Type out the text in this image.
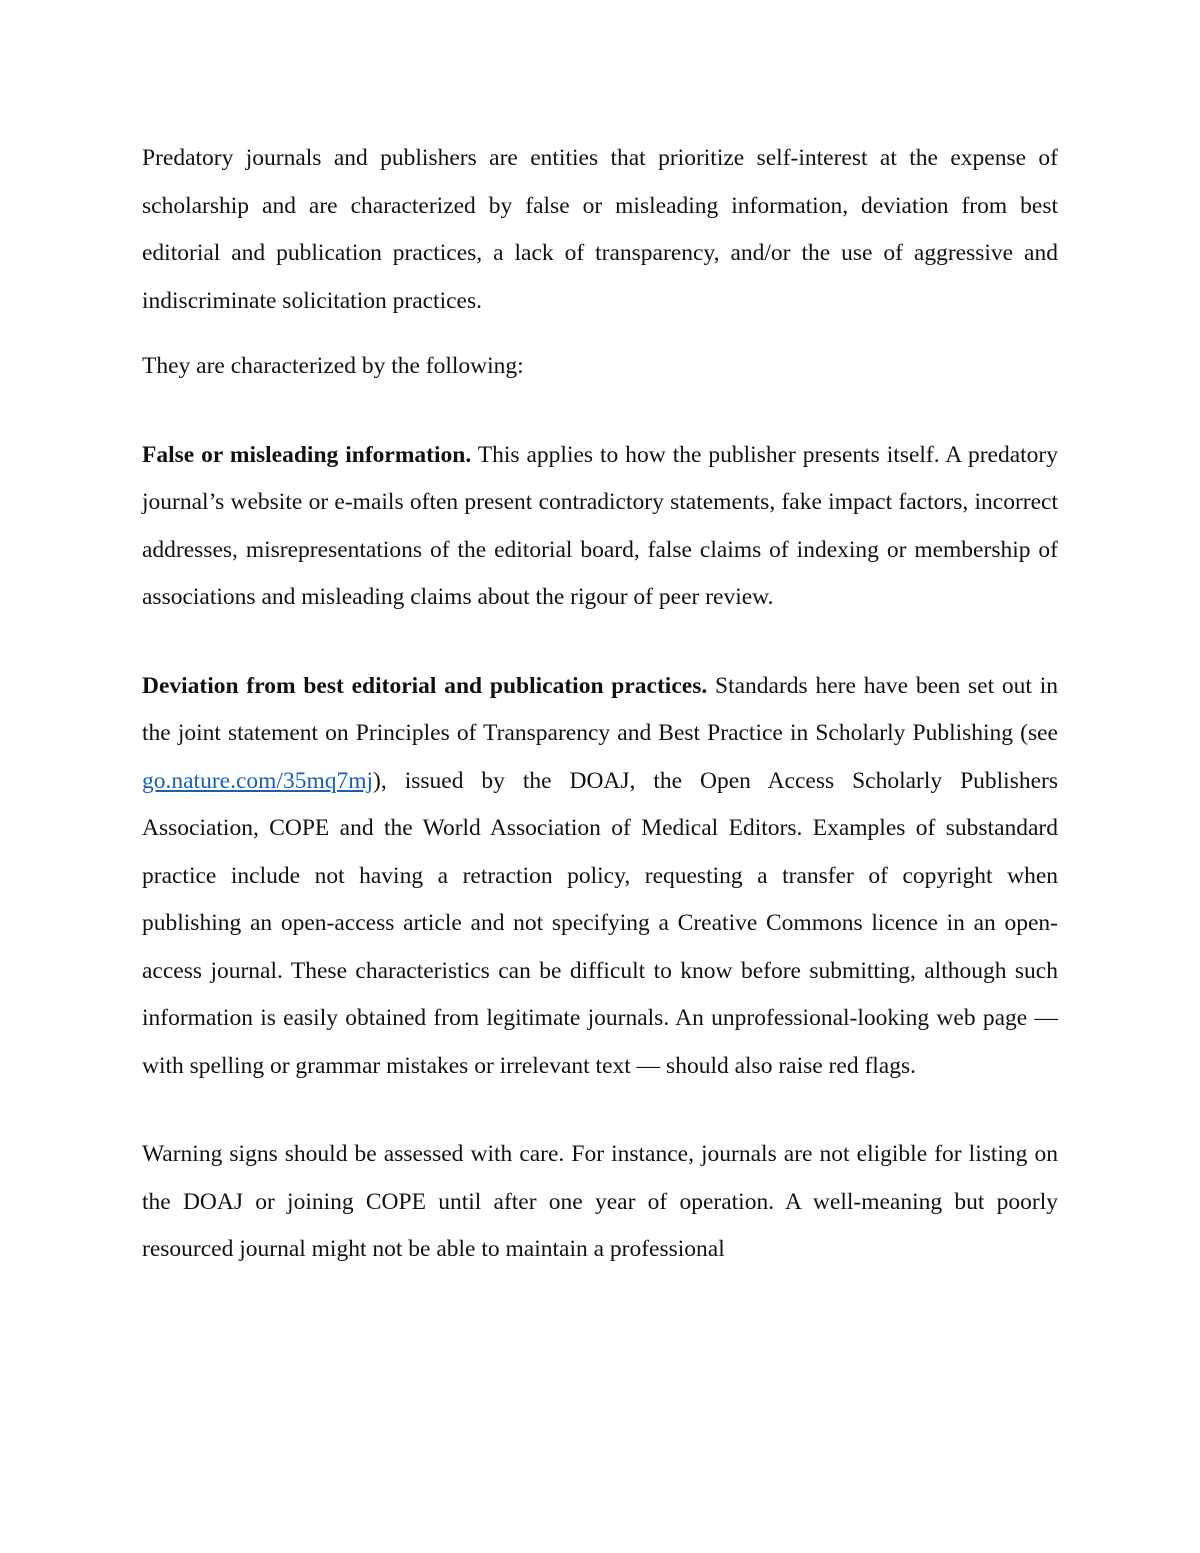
Predatory journals and publishers are entities that prioritize self-interest at the expense of scholarship and are characterized by false or misleading information, deviation from best editorial and publication practices, a lack of transparency, and/or the use of aggressive and indiscriminate solicitation practices.

They are characterized by the following:

False or misleading information. This applies to how the publisher presents itself. A predatory journal’s website or e-mails often present contradictory statements, fake impact factors, incorrect addresses, misrepresentations of the editorial board, false claims of indexing or membership of associations and misleading claims about the rigour of peer review.

Deviation from best editorial and publication practices. Standards here have been set out in the joint statement on Principles of Transparency and Best Practice in Scholarly Publishing (see go.nature.com/35mq7mj), issued by the DOAJ, the Open Access Scholarly Publishers Association, COPE and the World Association of Medical Editors. Examples of substandard practice include not having a retraction policy, requesting a transfer of copyright when publishing an open-access article and not specifying a Creative Commons licence in an open-access journal. These characteristics can be difficult to know before submitting, although such information is easily obtained from legitimate journals. An unprofessional-looking web page — with spelling or grammar mistakes or irrelevant text — should also raise red flags.

Warning signs should be assessed with care. For instance, journals are not eligible for listing on the DOAJ or joining COPE until after one year of operation. A well-meaning but poorly resourced journal might not be able to maintain a professional
